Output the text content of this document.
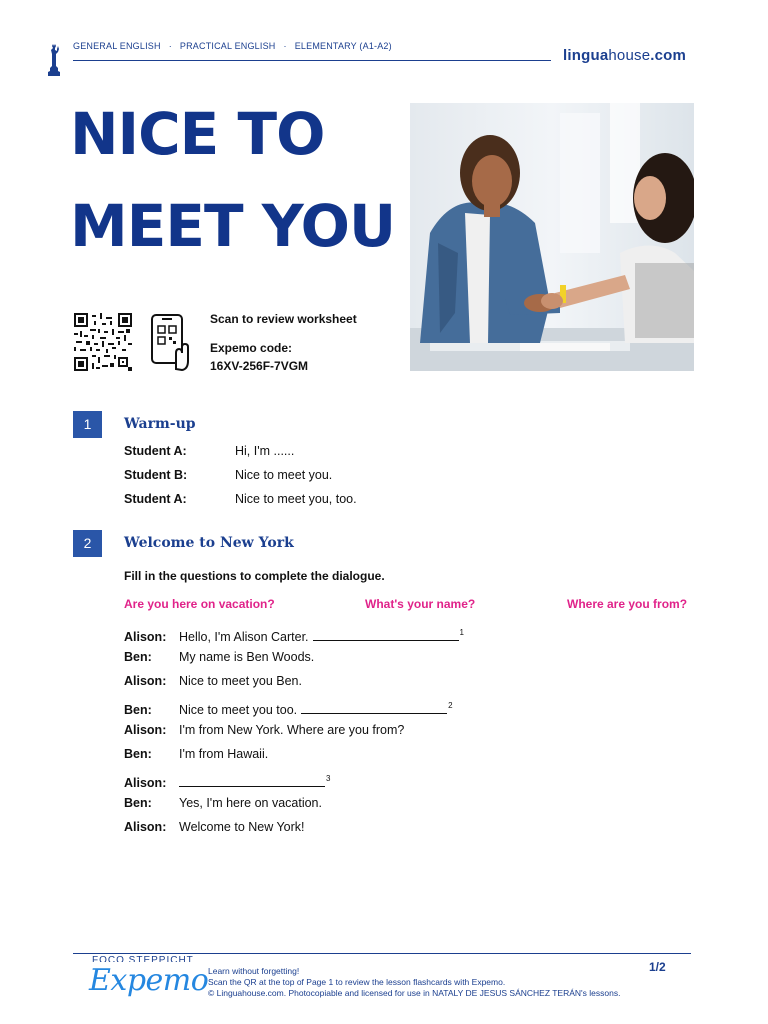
GENERAL ENGLISH · PRACTICAL ENGLISH · ELEMENTARY (A1-A2)
linguahouse.com
NICE TO
MEET YOU
Scan to review worksheet
Expemo code:
16XV-256F-7VGM
1	Warm-up
Student A:	Hi, I'm ......
Student B:	Nice to meet you.
Student A:	Nice to meet you, too.
2	Welcome to New York
Fill in the questions to complete the dialogue.
Are you here on vacation?	What's your name?	Where are you from?
Alison: Hello, I'm Alison Carter.	$^1$
Ben: My name is Ben Woods.
Alison: Nice to meet you Ben.
Ben: Nice to meet you too.	$^2$
Alison: I'm from New York. Where are you from?
Ben: I'm from Hawaii.
Alison:	$^3$
Ben: Yes, I'm here on vacation.
Alison: Welcome to New York!
FOCO STEPPICHT
Expemo Learn without forgetting!
Scan the QR at the top of Page 1 to review the lesson flashcards with Expemo.
© Linguahouse.com. Photocopiable and licensed for use in NATALY DE JESUS SÁNCHEZ TERÁN's lessons.
1/2
